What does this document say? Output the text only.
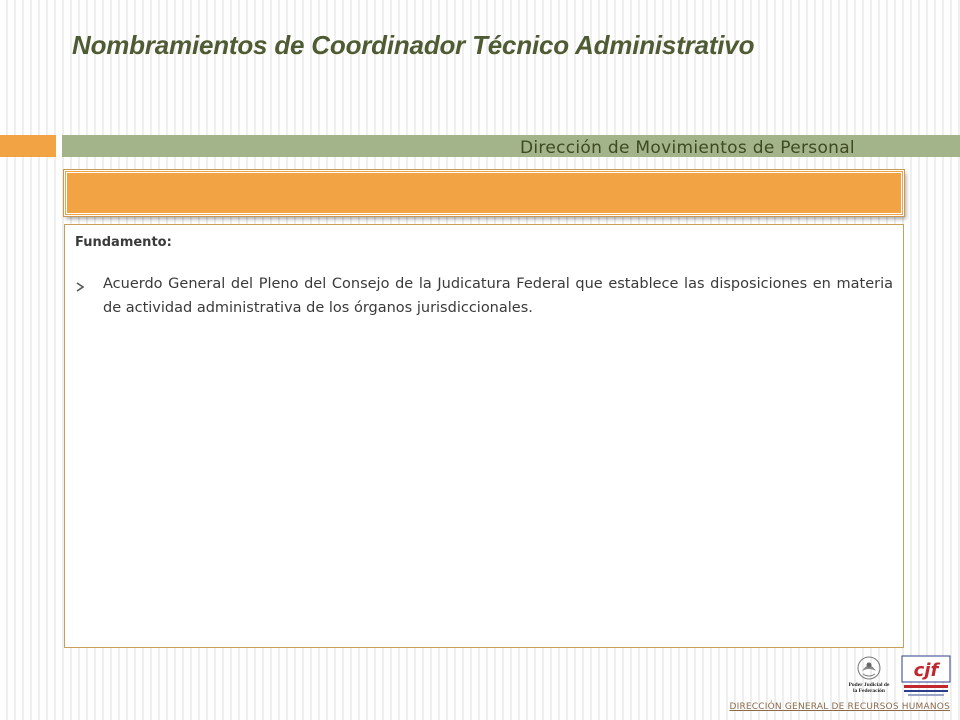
Nombramientos de Coordinador Técnico Administrativo
Dirección de Movimientos de Personal
Fundamento:
Acuerdo General del Pleno del Consejo de la Judicatura Federal que establece las disposiciones en materia de actividad administrativa de los órganos jurisdiccionales.
Poder Judicial de la Federación
cjf
DIRECCIÓN GENERAL DE RECURSOS HUMANOS
